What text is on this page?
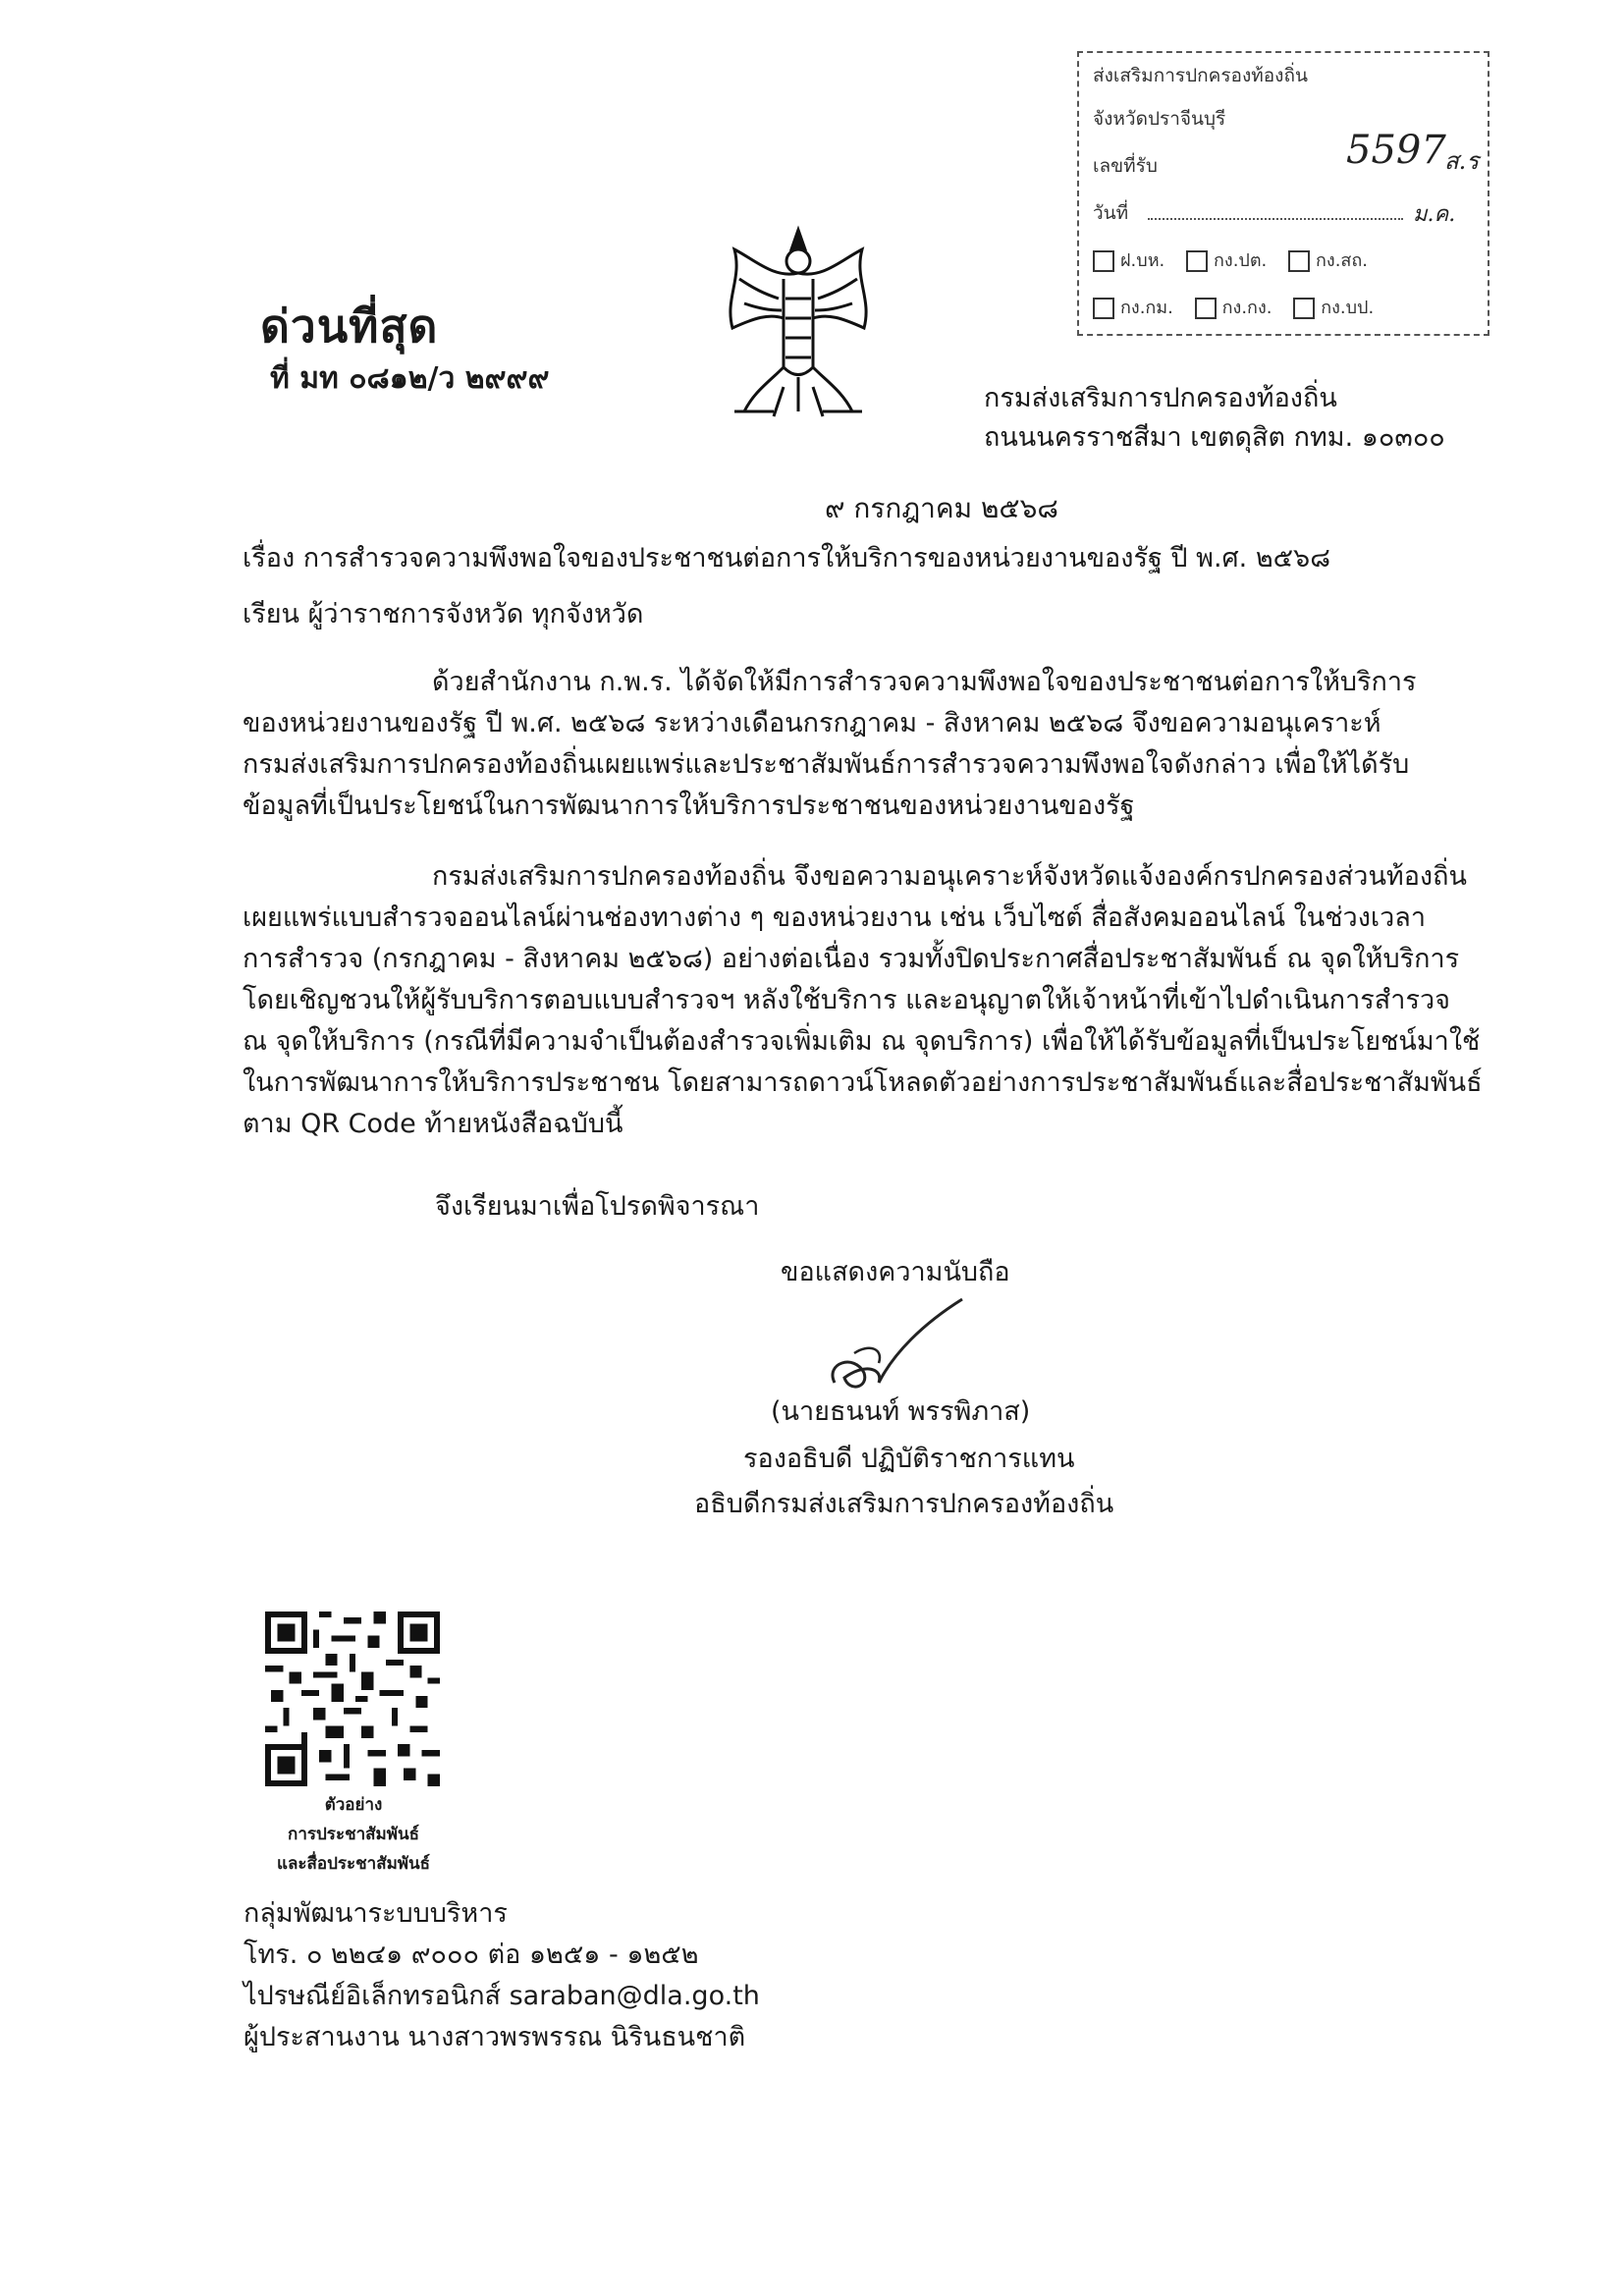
ส่งเสริมการปกครองท้องถิ่น
จังหวัดปราจีนบุรี
เลขที่รับ	5597
ส.ร
วันที่	ม.ค.
ฝ.บห.	กง.ปต.	กง.สถ.
กง.กม.	กง.กง.	กง.บป.
ด่วนที่สุด
ที่ มท ๐๘๑๒/ว ๒๙๙๙
กรมส่งเสริมการปกครองท้องถิ่น
ถนนนครราชสีมา เขตดุสิต กทม. ๑๐๓๐๐
๙ กรกฎาคม ๒๕๖๘
เรื่อง การสำรวจความพึงพอใจของประชาชนต่อการให้บริการของหน่วยงานของรัฐ ปี พ.ศ. ๒๕๖๘
เรียน ผู้ว่าราชการจังหวัด ทุกจังหวัด
ด้วยสำนักงาน ก.พ.ร. ได้จัดให้มีการสำรวจความพึงพอใจของประชาชนต่อการให้บริการ
ของหน่วยงานของรัฐ ปี พ.ศ. ๒๕๖๘ ระหว่างเดือนกรกฎาคม - สิงหาคม ๒๕๖๘ จึงขอความอนุเคราะห์
กรมส่งเสริมการปกครองท้องถิ่นเผยแพร่และประชาสัมพันธ์การสำรวจความพึงพอใจดังกล่าว เพื่อให้ได้รับ
ข้อมูลที่เป็นประโยชน์ในการพัฒนาการให้บริการประชาชนของหน่วยงานของรัฐ
กรมส่งเสริมการปกครองท้องถิ่น จึงขอความอนุเคราะห์จังหวัดแจ้งองค์กรปกครองส่วนท้องถิ่น
เผยแพร่แบบสำรวจออนไลน์ผ่านช่องทางต่าง ๆ ของหน่วยงาน เช่น เว็บไซต์ สื่อสังคมออนไลน์ ในช่วงเวลา
การสำรวจ (กรกฎาคม - สิงหาคม ๒๕๖๘) อย่างต่อเนื่อง รวมทั้งปิดประกาศสื่อประชาสัมพันธ์ ณ จุดให้บริการ
โดยเชิญชวนให้ผู้รับบริการตอบแบบสำรวจฯ หลังใช้บริการ และอนุญาตให้เจ้าหน้าที่เข้าไปดำเนินการสำรวจ
ณ จุดให้บริการ (กรณีที่มีความจำเป็นต้องสำรวจเพิ่มเติม ณ จุดบริการ) เพื่อให้ได้รับข้อมูลที่เป็นประโยชน์มาใช้
ในการพัฒนาการให้บริการประชาชน โดยสามารถดาวน์โหลดตัวอย่างการประชาสัมพันธ์และสื่อประชาสัมพันธ์
ตาม QR Code ท้ายหนังสือฉบับนี้
จึงเรียนมาเพื่อโปรดพิจารณา
ขอแสดงความนับถือ
(นายธนนท์ พรรพิภาส)
รองอธิบดี ปฏิบัติราชการแทน
อธิบดีกรมส่งเสริมการปกครองท้องถิ่น
ตัวอย่าง
การประชาสัมพันธ์
และสื่อประชาสัมพันธ์
กลุ่มพัฒนาระบบบริหาร
โทร. ๐ ๒๒๔๑ ๙๐๐๐ ต่อ ๑๒๕๑ - ๑๒๕๒
ไปรษณีย์อิเล็กทรอนิกส์ saraban@dla.go.th
ผู้ประสานงาน นางสาวพรพรรณ นิรินธนชาติ
